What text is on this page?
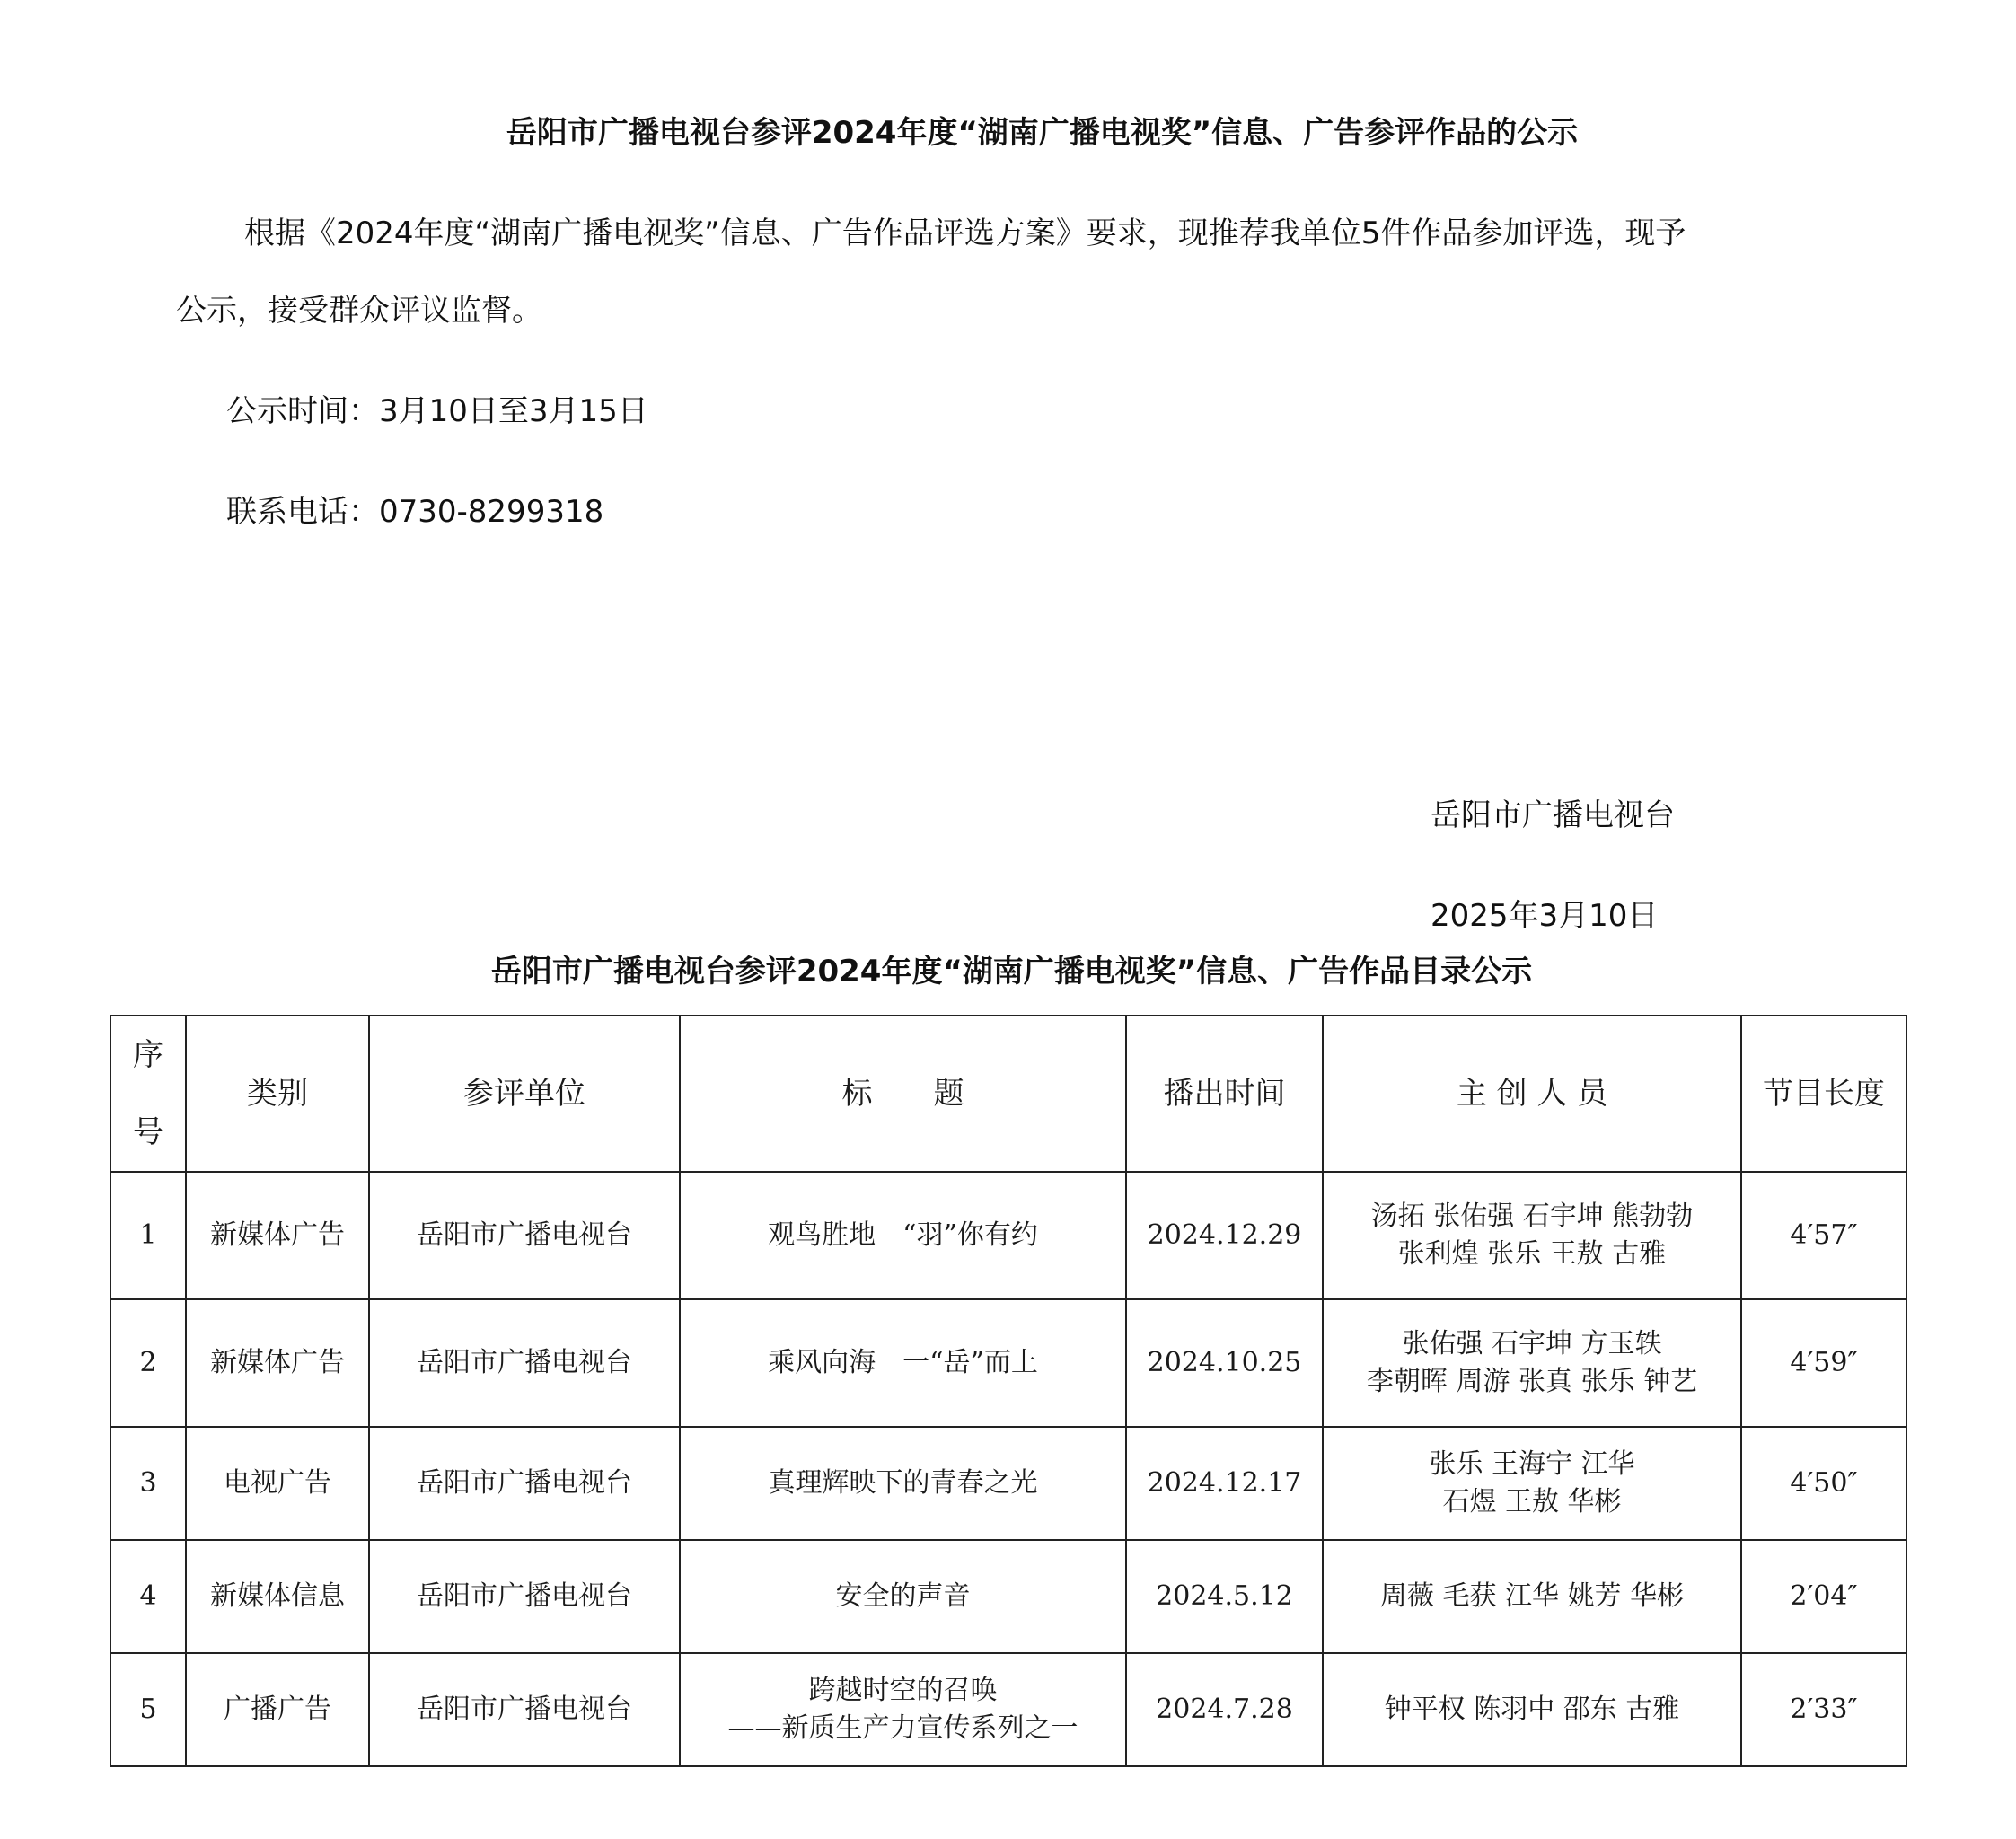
岳阳市广播电视台参评2024年度“湖南广播电视奖”信息、广告参评作品的公示
根据《2024年度“湖南广播电视奖”信息、广告作品评选方案》要求，现推荐我单位5件作品参加评选，现予
公示，接受群众评议监督。
公示时间：3月10日至3月15日
联系电话：0730-8299318
岳阳市广播电视台
2025年3月10日
岳阳市广播电视台参评2024年度“湖南广播电视奖”信息、广告作品目录公示
序号	类别	参评单位	标　　题	播出时间	主 创 人 员	节目长度
1	新媒体广告	岳阳市广播电视台	观鸟胜地　“羽”你有约	2024.12.29	汤拓 张佑强 石宇坤 熊勃勃
张利煌 张乐 王敖 古雅	4′57″
2	新媒体广告	岳阳市广播电视台	乘风向海　一“岳”而上	2024.10.25	张佑强 石宇坤 方玉轶
李朝晖 周游 张真 张乐 钟艺	4′59″
3	电视广告	岳阳市广播电视台	真理辉映下的青春之光	2024.12.17	张乐 王海宁 江华
石煜 王敖 华彬	4′50″
4	新媒体信息	岳阳市广播电视台	安全的声音	2024.5.12	周薇 毛获 江华 姚芳 华彬	2′04″
5	广播广告	岳阳市广播电视台	跨越时空的召唤
——新质生产力宣传系列之一	2024.7.28	钟平权 陈羽中 邵东 古雅	2′33″
